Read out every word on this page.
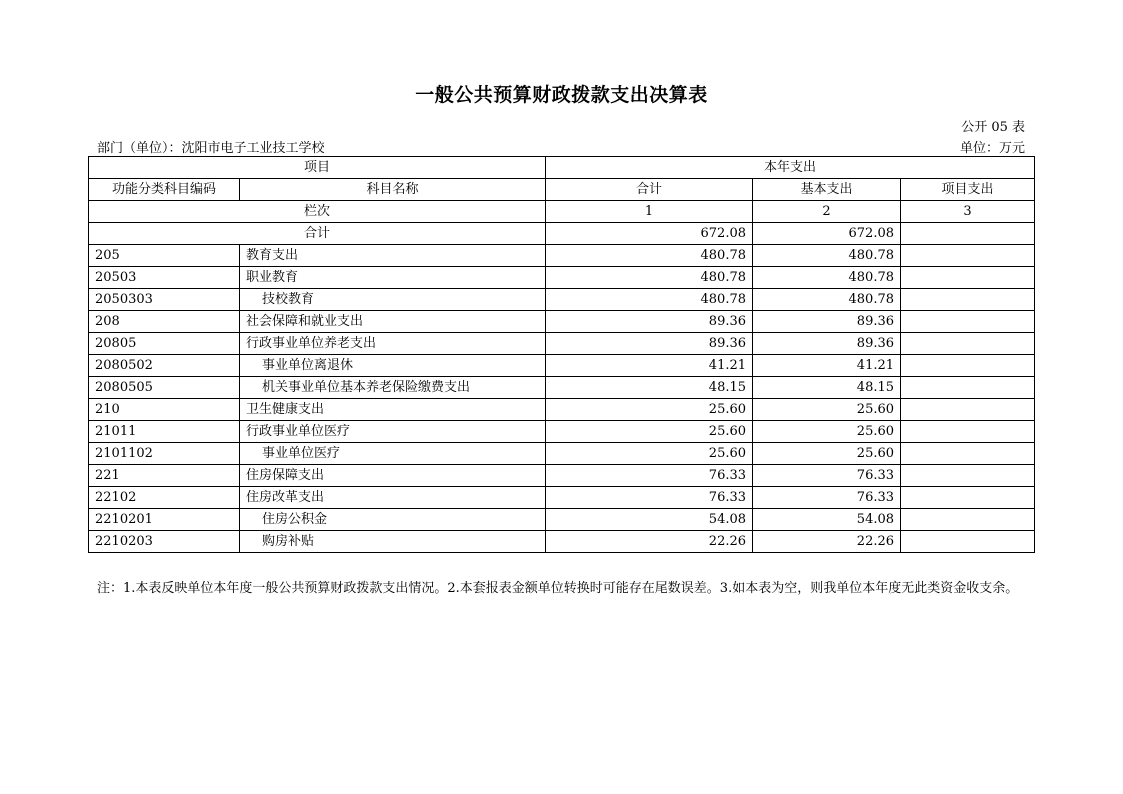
一般公共预算财政拨款支出决算表
公开 05 表
部门（单位）：沈阳市电子工业技工学校	单位：万元
项目		本年支出		
功能分类科目编码	科目名称	合计	基本支出	项目支出
栏次		1	2	3
合计		672.08	672.08	
205	教育支出	480.78	480.78	
20503	职业教育	480.78	480.78	
2050303	技校教育	480.78	480.78	
208	社会保障和就业支出	89.36	89.36	
20805	行政事业单位养老支出	89.36	89.36	
2080502	事业单位离退休	41.21	41.21	
2080505	机关事业单位基本养老保险缴费支出	48.15	48.15	
210	卫生健康支出	25.60	25.60	
21011	行政事业单位医疗	25.60	25.60	
2101102	事业单位医疗	25.60	25.60	
221	住房保障支出	76.33	76.33	
22102	住房改革支出	76.33	76.33	
2210201	住房公积金	54.08	54.08	
2210203	购房补贴	22.26	22.26	
注：1.本表反映单位本年度一般公共预算财政拨款支出情况。2.本套报表金额单位转换时可能存在尾数误差。3.如本表为空，则我单位本年度无此类资金收支余。
